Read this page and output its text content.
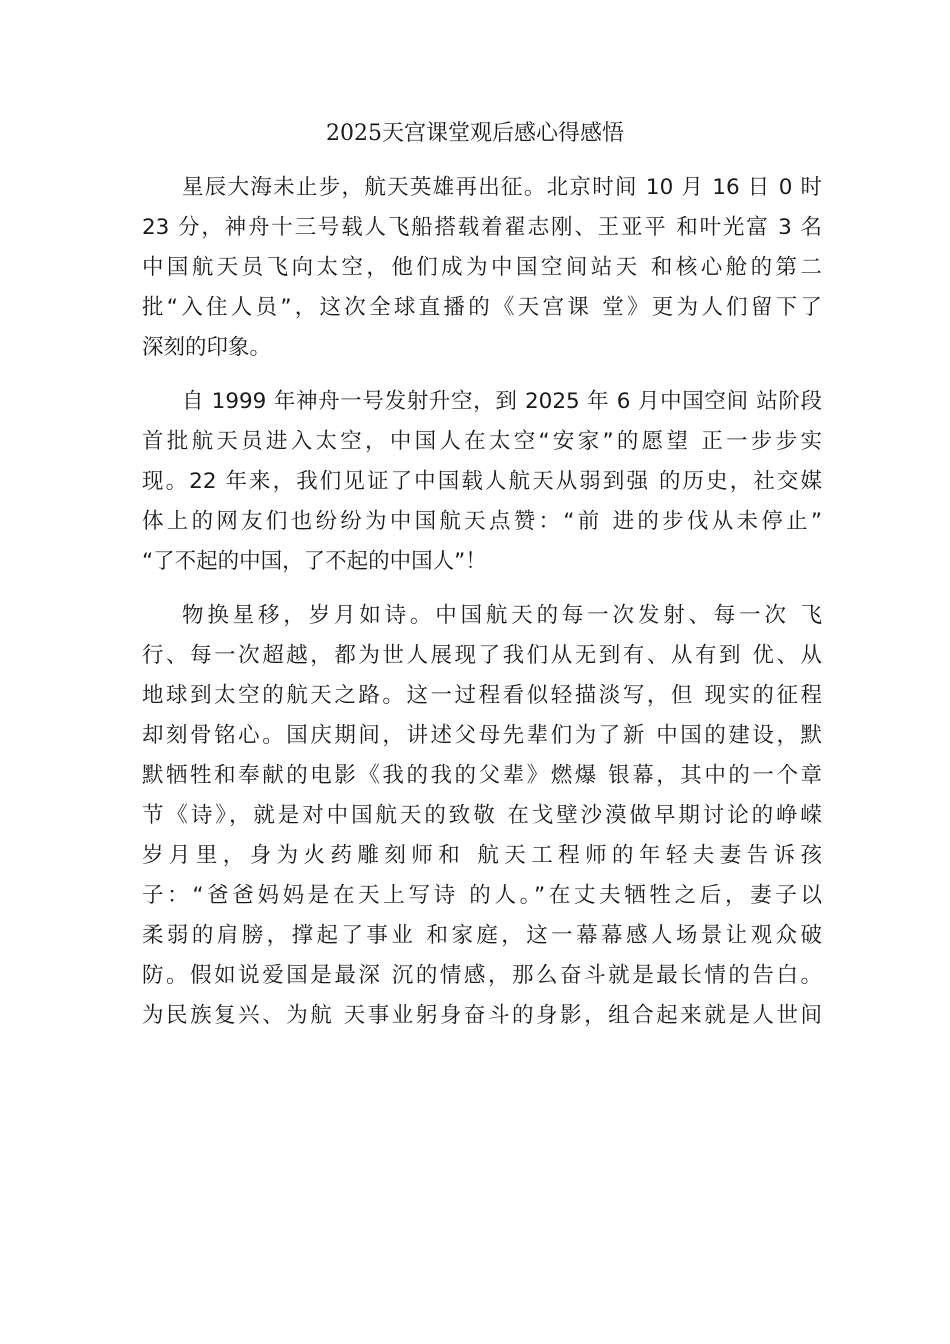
2025天宫课堂观后感心得感悟
星辰大海未止步，航天英雄再出征。北京时间 10 月 16 日 0 时
23 分，神舟十三号载人飞船搭载着翟志刚、王亚平 和叶光富 3 名
中国航天员飞向太空，他们成为中国空间站天 和核心舱的第二
批“入住人员”，这次全球直播的《天宫课 堂》更为人们留下了
深刻的印象。
自 1999 年神舟一号发射升空，到 2025 年 6 月中国空间 站阶段
首批航天员进入太空，中国人在太空“安家”的愿望 正一步步实
现。22 年来，我们见证了中国载人航天从弱到强 的历史，社交媒
体上的网友们也纷纷为中国航天点赞：“前 进的步伐从未停止”
“了不起的中国，了不起的中国人”！
物换星移，岁月如诗。中国航天的每一次发射、每一次 飞
行、每一次超越，都为世人展现了我们从无到有、从有到 优、从
地球到太空的航天之路。这一过程看似轻描淡写，但 现实的征程
却刻骨铭心。国庆期间，讲述父母先辈们为了新 中国的建设，默
默牺牲和奉献的电影《我的我的父辈》燃爆 银幕，其中的一个章
节《诗》，就是对中国航天的致敬 在戈壁沙漠做早期讨论的峥嵘
岁月里，身为火药雕刻师和 航天工程师的年轻夫妻告诉孩
子：“爸爸妈妈是在天上写诗 的人。”在丈夫牺牲之后，妻子以
柔弱的肩膀，撑起了事业 和家庭，这一幕幕感人场景让观众破
防。假如说爱国是最深 沉的情感，那么奋斗就是最长情的告白。
为民族复兴、为航 天事业躬身奋斗的身影，组合起来就是人世间
